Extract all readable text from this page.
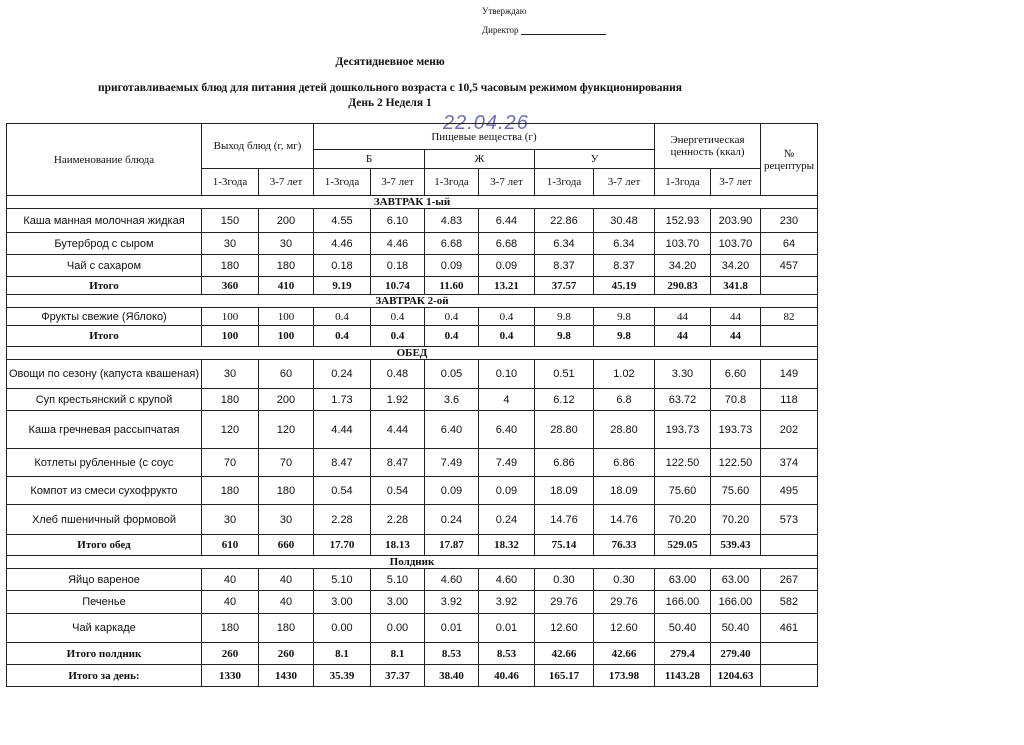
Утверждаю
Директор
Десятидневное меню
приготавливаемых блюд для питания детей дошкольного возраста с 10,5 часовым режимом функционирования
День 2 Неделя 1
22.04.26
Наименование блюда	Выход блюд (г, мг)		Пищевые вещества (г)						Энергетическая ценность (ккал)		№ рецептуры
			Б		Ж		У				
	1-3года	3-7 лет	1-3года	3-7 лет	1-3года	3-7 лет	1-3года	3-7 лет	1-3года	3-7 лет	
ЗАВТРАК 1-ый											
Каша манная молочная жидкая	150	200	4.55	6.10	4.83	6.44	22.86	30.48	152.93	203.90	230
Бутерброд с сыром	30	30	4.46	4.46	6.68	6.68	6.34	6.34	103.70	103.70	64
Чай с сахаром	180	180	0.18	0.18	0.09	0.09	8.37	8.37	34.20	34.20	457
Итого	360	410	9.19	10.74	11.60	13.21	37.57	45.19	290.83	341.8	
ЗАВТРАК 2-ой											
Фрукты свежие (Яблоко)	100	100	0.4	0.4	0.4	0.4	9.8	9.8	44	44	82
Итого	100	100	0.4	0.4	0.4	0.4	9.8	9.8	44	44	
ОБЕД											
Овощи по сезону (капуста квашеная)	30	60	0.24	0.48	0.05	0.10	0.51	1.02	3.30	6.60	149
Суп крестьянский с крупой	180	200	1.73	1.92	3.6	4	6.12	6.8	63.72	70.8	118
Каша гречневая рассыпчатая	120	120	4.44	4.44	6.40	6.40	28.80	28.80	193.73	193.73	202
Котлеты рубленные (с соус	70	70	8.47	8.47	7.49	7.49	6.86	6.86	122.50	122.50	374
Компот из смеси сухофрукто	180	180	0.54	0.54	0.09	0.09	18.09	18.09	75.60	75.60	495
Хлеб пшеничный формовой	30	30	2.28	2.28	0.24	0.24	14.76	14.76	70.20	70.20	573
Итого обед	610	660	17.70	18.13	17.87	18.32	75.14	76.33	529.05	539.43	
Полдник											
Яйцо вареное	40	40	5.10	5.10	4.60	4.60	0.30	0.30	63.00	63.00	267
Печенье	40	40	3.00	3.00	3.92	3.92	29.76	29.76	166.00	166.00	582
Чай каркаде	180	180	0.00	0.00	0.01	0.01	12.60	12.60	50.40	50.40	461
Итого полдник	260	260	8.1	8.1	8.53	8.53	42.66	42.66	279.4	279.40	
Итого за день:	1330	1430	35.39	37.37	38.40	40.46	165.17	173.98	1143.28	1204.63	
